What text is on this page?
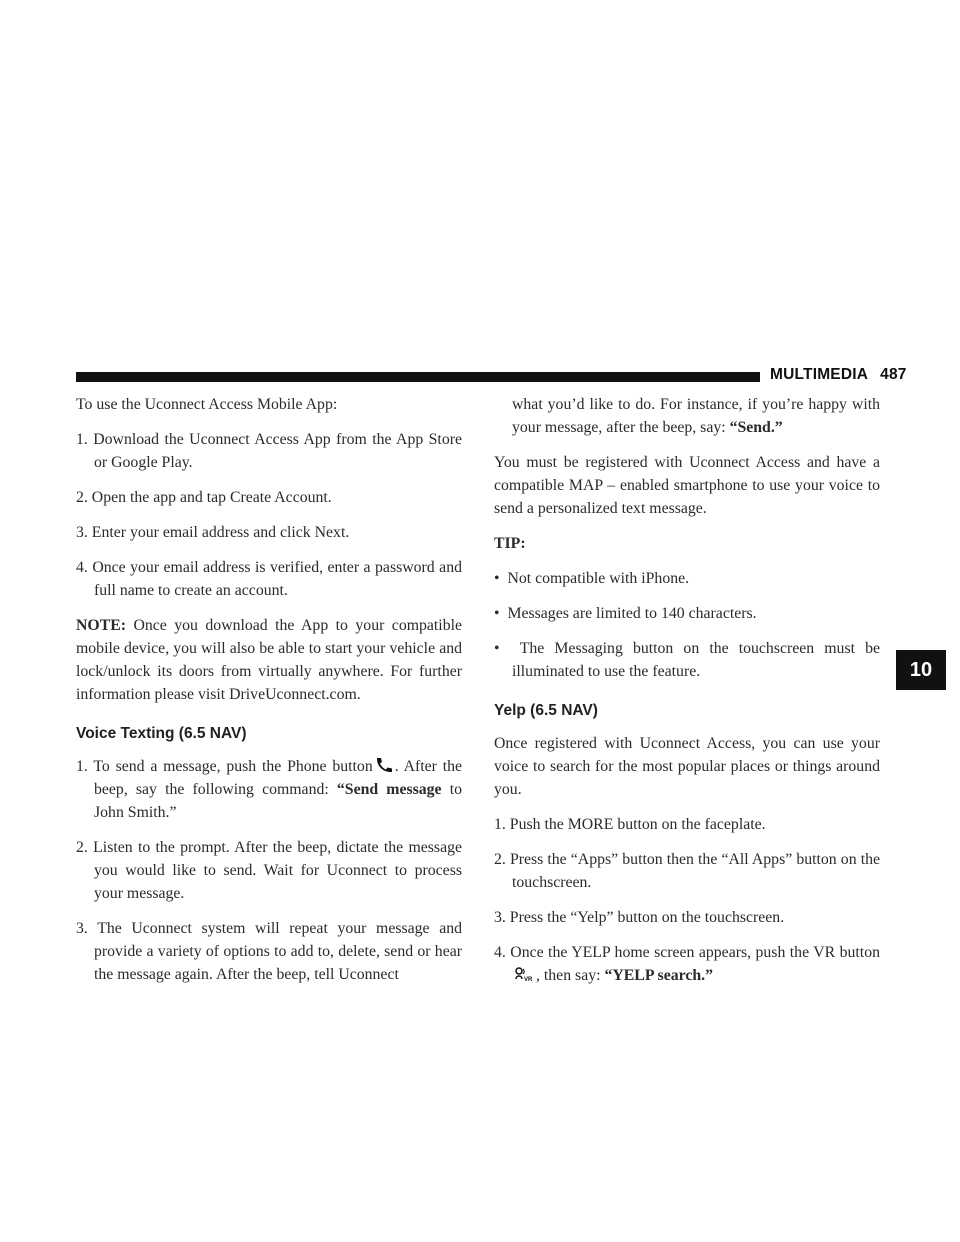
MULTIMEDIA 487
10

To use the Uconnect Access Mobile App:

1. Download the Uconnect Access App from the App Store or Google Play.
2. Open the app and tap Create Account.
3. Enter your email address and click Next.
4. Once your email address is verified, enter a password and full name to create an account.

NOTE: Once you download the App to your compatible mobile device, you will also be able to start your vehicle and lock/unlock its doors from virtually anywhere. For further information please visit DriveUconnect.com.

Voice Texting (6.5 NAV)
1. To send a message, push the Phone button . After the beep, say the following command: “Send message to John Smith.”
2. Listen to the prompt. After the beep, dictate the message you would like to send. Wait for Uconnect to process your message.
3. The Uconnect system will repeat your message and provide a variety of options to add to, delete, send or hear the message again. After the beep, tell Uconnect
what you’d like to do. For instance, if you’re happy with your message, after the beep, say: “Send.”

You must be registered with Uconnect Access and have a compatible MAP – enabled smartphone to use your voice to send a personalized text message.

TIP:

•  Not compatible with iPhone.
•  Messages are limited to 140 characters.
•  The Messaging button on the touchscreen must be illuminated to use the feature.
Yelp (6.5 NAV)

Once registered with Uconnect Access, you can use your voice to search for the most popular places or things around you.

1. Push the MORE button on the faceplate.
2. Press the “Apps” button then the “All Apps” button on the touchscreen.
3. Press the “Yelp” button on the touchscreen.
4. Once the YELP home screen appears, push the VR button
VR , then say: “YELP search.”
